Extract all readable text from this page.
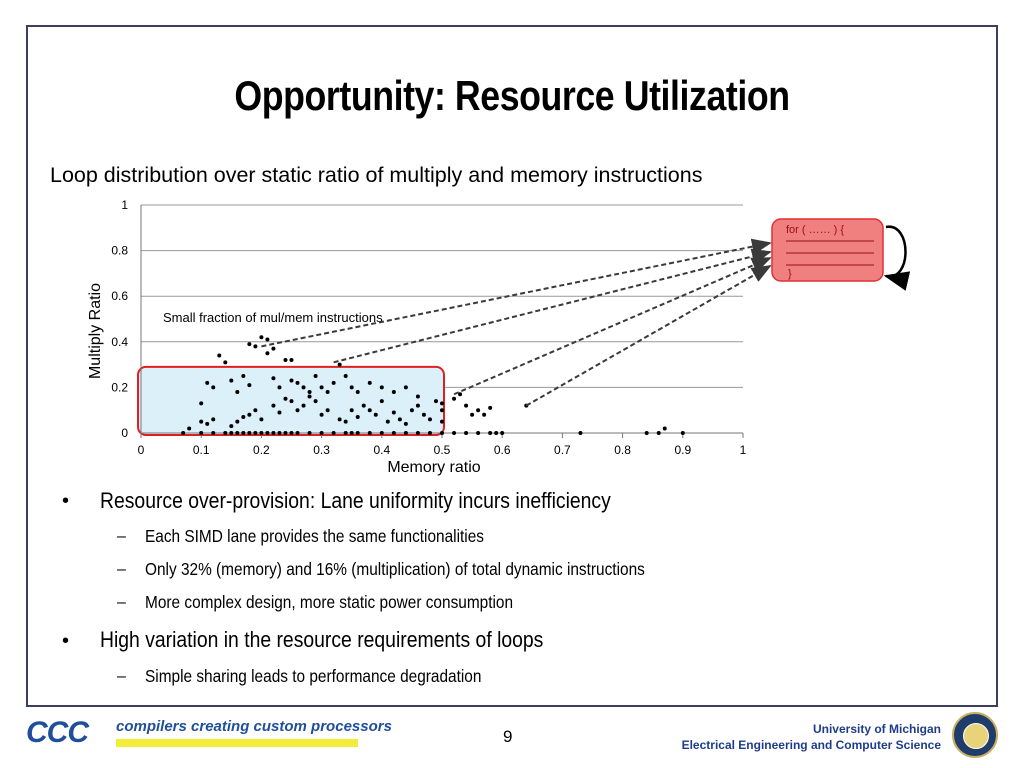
Opportunity: Resource Utilization
Loop distribution over static ratio of multiply and memory instructions
0
0.2
0.4
0.6
0.8
1
0	0.1	0.2	0.3	0.4	0.5	0.6	0.7	0.8	0.9	1
Memory ratio
Multiply Ratio	Small fraction of mul/mem instructions
for ( …… ) {
}
• Resource over-provision: Lane uniformity incurs inefficiency
– Each SIMD lane provides the same functionalities
– Only 32% (memory) and 16% (multiplication) of total dynamic instructions
– More complex design, more static power consumption
• High variation in the resource requirements of loops
– Simple sharing leads to performance degradation
CCC compilers creating custom processors
9	University of Michigan
Electrical Engineering and Computer Science
